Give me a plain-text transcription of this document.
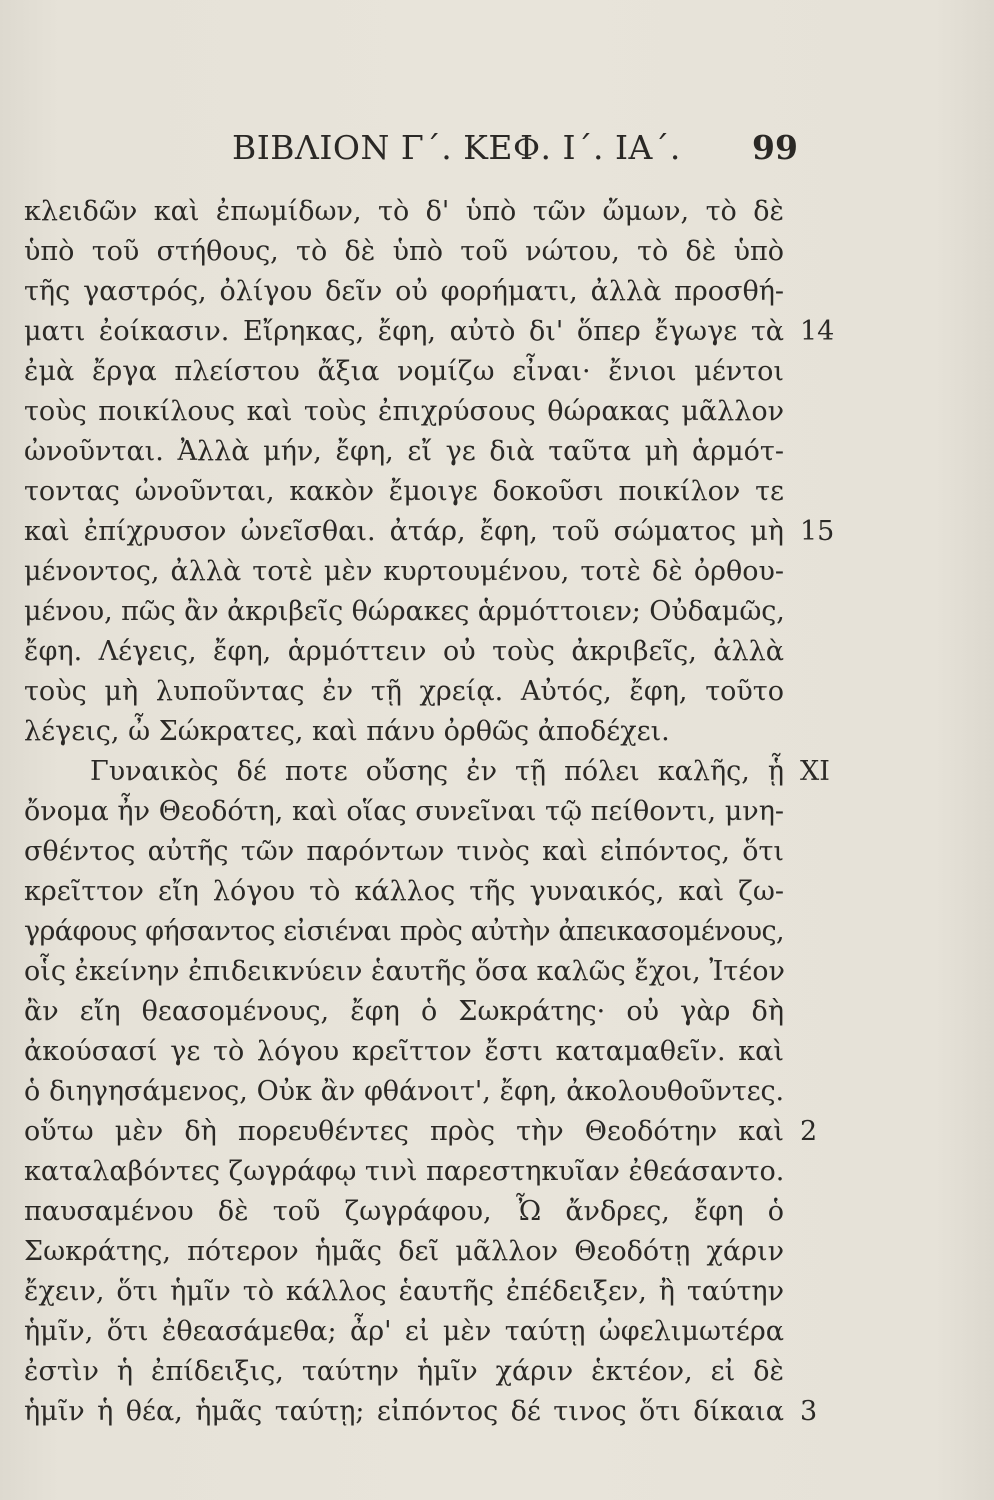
ΒΙΒΛΙΟΝ Γ΄. ΚΕΦ. Ι΄. ΙΑ΄. 99
κλειδῶν καὶ ἐπωμίδων, τὸ δ' ὑπὸ τῶν ὤμων, τὸ δὲ
ὑπὸ τοῦ στήθους, τὸ δὲ ὑπὸ τοῦ νώτου, τὸ δὲ ὑπὸ
τῆς γαστρός, ὀλίγου δεῖν οὐ φορήματι, ἀλλὰ προσθή-
ματι ἐοίκασιν. Εἴρηκας, ἔφη, αὐτὸ δι' ὅπερ ἔγωγε τὰ 14
ἐμὰ ἔργα πλείστου ἄξια νομίζω εἶναι· ἔνιοι μέντοι
τοὺς ποικίλους καὶ τοὺς ἐπιχρύσους θώρακας μᾶλλον
ὠνοῦνται. Ἀλλὰ μήν, ἔφη, εἴ γε διὰ ταῦτα μὴ ἁρμότ-
τοντας ὠνοῦνται, κακὸν ἔμοιγε δοκοῦσι ποικίλον τε
καὶ ἐπίχρυσον ὠνεῖσθαι. ἀτάρ, ἔφη, τοῦ σώματος μὴ 15
μένοντος, ἀλλὰ τοτὲ μὲν κυρτουμένου, τοτὲ δὲ ὀρθου-
μένου, πῶς ἂν ἀκριβεῖς θώρακες ἁρμόττοιεν; Οὐδαμῶς,
ἔφη. Λέγεις, ἔφη, ἁρμόττειν οὐ τοὺς ἀκριβεῖς, ἀλλὰ
τοὺς μὴ λυποῦντας ἐν τῇ χρείᾳ. Αὐτός, ἔφη, τοῦτο
λέγεις, ὦ Σώκρατες, καὶ πάνυ ὀρθῶς ἀποδέχει.
Γυναικὸς δέ ποτε οὔσης ἐν τῇ πόλει καλῆς, ᾗ XI
ὄνομα ἦν Θεοδότη, καὶ οἵας συνεῖναι τῷ πείθοντι, μνη-
σθέντος αὐτῆς τῶν παρόντων τινὸς καὶ εἰπόντος, ὅτι
κρεῖττον εἴη λόγου τὸ κάλλος τῆς γυναικός, καὶ ζω-
γράφους φήσαντος εἰσιέναι πρὸς αὐτὴν ἀπεικασομένους,
οἷς ἐκείνην ἐπιδεικνύειν ἑαυτῆς ὅσα καλῶς ἔχοι, Ἰτέον
ἂν εἴη θεασομένους, ἔφη ὁ Σωκράτης· οὐ γὰρ δὴ
ἀκούσασί γε τὸ λόγου κρεῖττον ἔστι καταμαθεῖν. καὶ
ὁ διηγησάμενος, Οὐκ ἂν φθάνοιτ', ἔφη, ἀκολουθοῦντες.
οὕτω μὲν δὴ πορευθέντες πρὸς τὴν Θεοδότην καὶ 2
καταλαβόντες ζωγράφῳ τινὶ παρεστηκυῖαν ἐθεάσαντο.
παυσαμένου δὲ τοῦ ζωγράφου, Ὦ ἄνδρες, ἔφη ὁ
Σωκράτης, πότερον ἡμᾶς δεῖ μᾶλλον Θεοδότῃ χάριν
ἔχειν, ὅτι ἡμῖν τὸ κάλλος ἑαυτῆς ἐπέδειξεν, ἢ ταύτην
ἡμῖν, ὅτι ἐθεασάμεθα; ἆρ' εἰ μὲν ταύτῃ ὠφελιμωτέρα
ἐστὶν ἡ ἐπίδειξις, ταύτην ἡμῖν χάριν ἑκτέον, εἰ δὲ
ἡμῖν ἡ θέα, ἡμᾶς ταύτῃ; εἰπόντος δέ τινος ὅτι δίκαια 3
